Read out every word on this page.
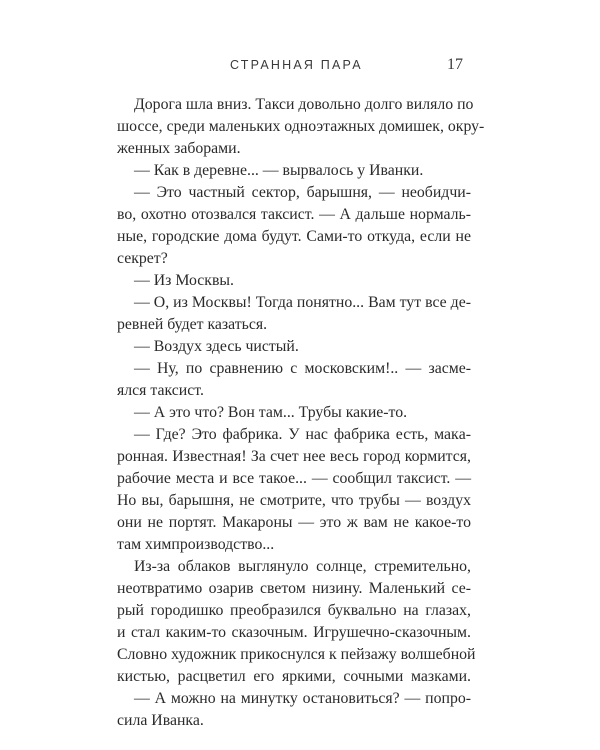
СТРАННАЯ ПАРА	17
Дорога шла вниз. Такси довольно долго виляло по
шоссе, среди маленьких одноэтажных домишек, окру-
женных заборами.
— Как в деревне... — вырвалось у Иванки.
— Это частный сектор, барышня, — необидчи-
во, охотно отозвался таксист. — А дальше нормаль-
ные, городские дома будут. Сами-то откуда, если не
секрет?
— Из Москвы.
— О, из Москвы! Тогда понятно... Вам тут все де-
ревней будет казаться.
— Воздух здесь чистый.
— Ну, по сравнению с московским!.. — засме-
ялся таксист.
— А это что? Вон там... Трубы какие-то.
— Где? Это фабрика. У нас фабрика есть, макa-
ронная. Известная! За счет нее весь город кормится,
рабочие места и все такое... — сообщил таксист. —
Но вы, барышня, не смотрите, что трубы — воздух
они не портят. Макароны — это ж вам не какое-то
там химпроизводство...
Из-за облаков выглянуло солнце, стремительно,
неотвратимо озарив светом низину. Маленький се-
рый городишко преобразился буквально на глазах,
и стал каким-то сказочным. Игрушечно-сказочным.
Словно художник прикоснулся к пейзажу волшебной
кистью, расцветил его яркими, сочными мазками.
— А можно на минутку остановиться? — попро-
сила Иванка.
